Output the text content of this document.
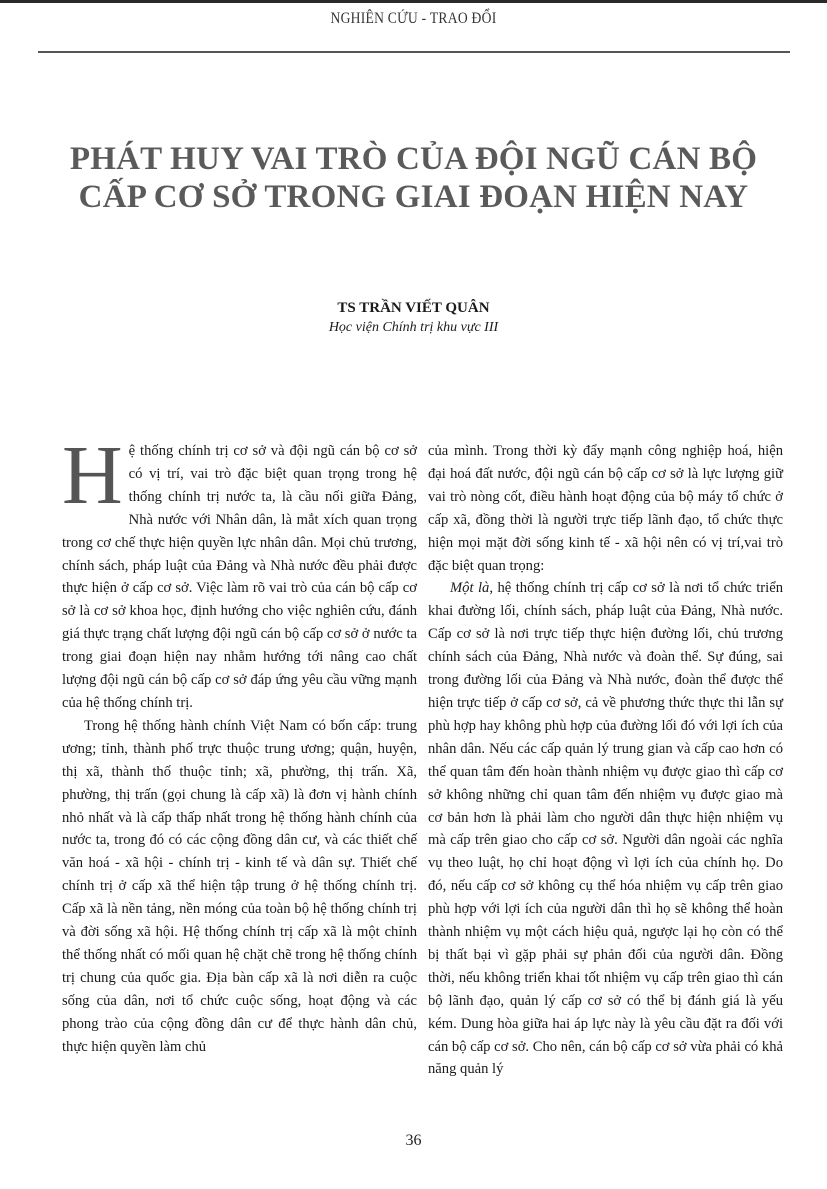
NGHIÊN CỨU - TRAO ĐỔI
PHÁT HUY VAI TRÒ CỦA ĐỘI NGŨ CÁN BỘ
CẤP CƠ SỞ TRONG GIAI ĐOẠN HIỆN NAY
TS TRẦN VIẾT QUÂN
Học viện Chính trị khu vực III

Hệ thống chính trị cơ sở và đội ngũ cán bộ cơ sở có vị trí, vai trò đặc biệt quan trọng trong hệ thống chính trị nước ta, là cầu nối giữa Đảng, Nhà nước với Nhân dân, là mắt xích quan trọng trong cơ chế thực hiện quyền lực nhân dân. Mọi chủ trương, chính sách, pháp luật của Đảng và Nhà nước đều phải được thực hiện ở cấp cơ sở. Việc làm rõ vai trò của cán bộ cấp cơ sở là cơ sở khoa học, định hướng cho việc nghiên cứu, đánh giá thực trạng chất lượng đội ngũ cán bộ cấp cơ sở ở nước ta trong giai đoạn hiện nay nhằm hướng tới nâng cao chất lượng đội ngũ cán bộ cấp cơ sở đáp ứng yêu cầu vững mạnh của hệ thống chính trị.

Trong hệ thống hành chính Việt Nam có bốn cấp: trung ương; tỉnh, thành phố trực thuộc trung ương; quận, huyện, thị xã, thành thố thuộc tỉnh; xã, phường, thị trấn. Xã, phường, thị trấn (gọi chung là cấp xã) là đơn vị hành chính nhỏ nhất và là cấp thấp nhất trong hệ thống hành chính của nước ta, trong đó có các cộng đồng dân cư, và các thiết chế văn hoá - xã hội - chính trị - kinh tế và dân sự. Thiết chế chính trị ở cấp xã thể hiện tập trung ở hệ thống chính trị. Cấp xã là nền tảng, nền móng của toàn bộ hệ thống chính trị và đời sống xã hội. Hệ thống chính trị cấp xã là một chỉnh thể thống nhất có mối quan hệ chặt chẽ trong hệ thống chính trị chung của quốc gia. Địa bàn cấp xã là nơi diễn ra cuộc sống của dân, nơi tổ chức cuộc sống, hoạt động và các phong trào của cộng đồng dân cư để thực hành dân chủ, thực hiện quyền làm chủ

của mình. Trong thời kỳ đẩy mạnh công nghiệp hoá, hiện đại hoá đất nước, đội ngũ cán bộ cấp cơ sở là lực lượng giữ vai trò nòng cốt, điều hành hoạt động của bộ máy tổ chức ở cấp xã, đồng thời là người trực tiếp lãnh đạo, tổ chức thực hiện mọi mặt đời sống kinh tế - xã hội nên có vị trí,vai trò đặc biệt quan trọng:

Một là, hệ thống chính trị cấp cơ sở là nơi tổ chức triển khai đường lối, chính sách, pháp luật của Đảng, Nhà nước. Cấp cơ sở là nơi trực tiếp thực hiện đường lối, chủ trương chính sách của Đảng, Nhà nước và đoàn thể. Sự đúng, sai trong đường lối của Đảng và Nhà nước, đoàn thể được thể hiện trực tiếp ở cấp cơ sở, cả về phương thức thực thi lẫn sự phù hợp hay không phù hợp của đường lối đó với lợi ích của nhân dân. Nếu các cấp quản lý trung gian và cấp cao hơn có thể quan tâm đến hoàn thành nhiệm vụ được giao thì cấp cơ sở không những chỉ quan tâm đến nhiệm vụ được giao mà cơ bản hơn là phải làm cho người dân thực hiện nhiệm vụ mà cấp trên giao cho cấp cơ sở. Người dân ngoài các nghĩa vụ theo luật, họ chỉ hoạt động vì lợi ích của chính họ. Do đó, nếu cấp cơ sở không cụ thể hóa nhiệm vụ cấp trên giao phù hợp với lợi ích của người dân thì họ sẽ không thể hoàn thành nhiệm vụ một cách hiệu quả, ngược lại họ còn có thể bị thất bại vì gặp phải sự phản đối của người dân. Đồng thời, nếu không triển khai tốt nhiệm vụ cấp trên giao thì cán bộ lãnh đạo, quản lý cấp cơ sở có thể bị đánh giá là yếu kém. Dung hòa giữa hai áp lực này là yêu cầu đặt ra đối với cán bộ cấp cơ sở. Cho nên, cán bộ cấp cơ sở vừa phải có khả năng quản lý

36
